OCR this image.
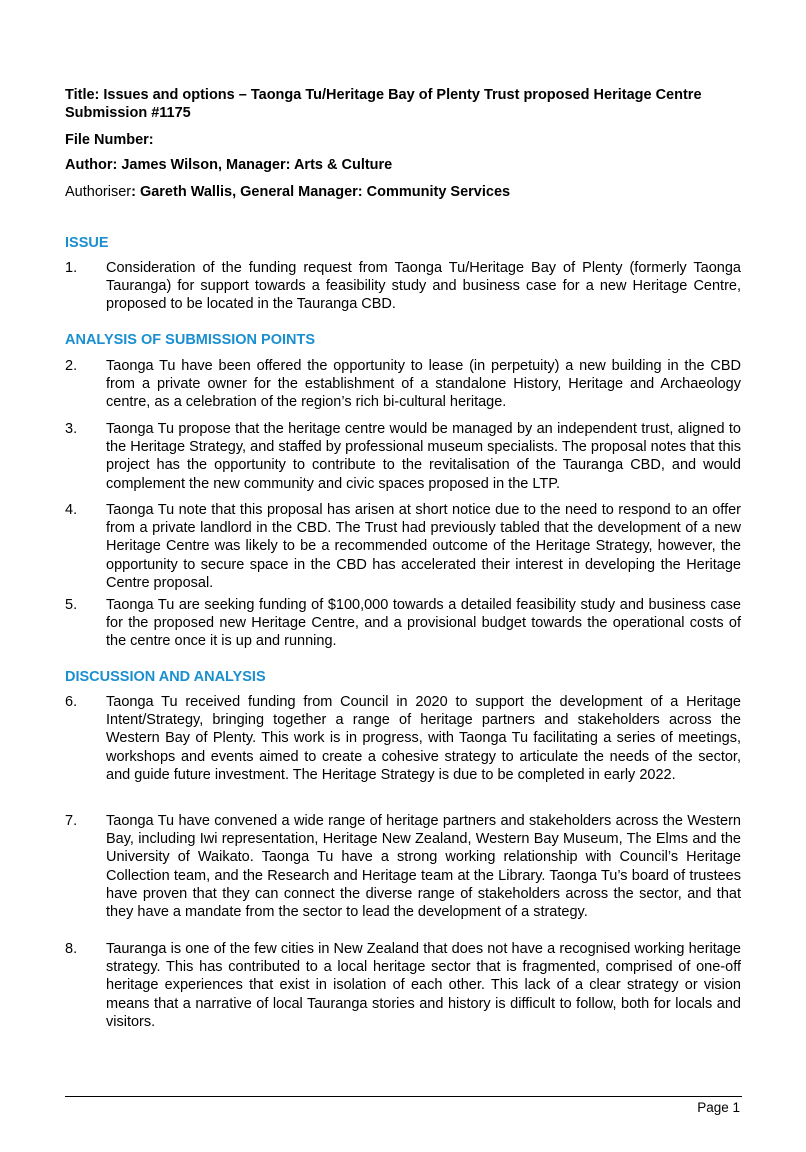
Title: Issues and options – Taonga Tu/Heritage Bay of Plenty Trust proposed Heritage Centre Submission #1175
File Number:
Author: James Wilson, Manager: Arts & Culture
Authoriser: Gareth Wallis, General Manager: Community Services
ISSUE
1.	Consideration of the funding request from Taonga Tu/Heritage Bay of Plenty (formerly Taonga Tauranga) for support towards a feasibility study and business case for a new Heritage Centre, proposed to be located in the Tauranga CBD.
ANALYSIS OF SUBMISSION POINTS
2.	Taonga Tu have been offered the opportunity to lease (in perpetuity) a new building in the CBD from a private owner for the establishment of a standalone History, Heritage and Archaeology centre, as a celebration of the region’s rich bi-cultural heritage.
3.	Taonga Tu propose that the heritage centre would be managed by an independent trust, aligned to the Heritage Strategy, and staffed by professional museum specialists. The proposal notes that this project has the opportunity to contribute to the revitalisation of the Tauranga CBD, and would complement the new community and civic spaces proposed in the LTP.
4.	Taonga Tu note that this proposal has arisen at short notice due to the need to respond to an offer from a private landlord in the CBD. The Trust had previously tabled that the development of a new Heritage Centre was likely to be a recommended outcome of the Heritage Strategy, however, the opportunity to secure space in the CBD has accelerated their interest in developing the Heritage Centre proposal.
5.	Taonga Tu are seeking funding of $100,000 towards a detailed feasibility study and business case for the proposed new Heritage Centre, and a provisional budget towards the operational costs of the centre once it is up and running.
DISCUSSION AND ANALYSIS
6.	Taonga Tu received funding from Council in 2020 to support the development of a Heritage Intent/Strategy, bringing together a range of heritage partners and stakeholders across the Western Bay of Plenty. This work is in progress, with Taonga Tu facilitating a series of meetings, workshops and events aimed to create a cohesive strategy to articulate the needs of the sector, and guide future investment. The Heritage Strategy is due to be completed in early 2022.
7.	Taonga Tu have convened a wide range of heritage partners and stakeholders across the Western Bay, including Iwi representation, Heritage New Zealand, Western Bay Museum, The Elms and the University of Waikato. Taonga Tu have a strong working relationship with Council’s Heritage Collection team, and the Research and Heritage team at the Library. Taonga Tu’s board of trustees have proven that they can connect the diverse range of stakeholders across the sector, and that they have a mandate from the sector to lead the development of a strategy.
8.	Tauranga is one of the few cities in New Zealand that does not have a recognised working heritage strategy. This has contributed to a local heritage sector that is fragmented, comprised of one-off heritage experiences that exist in isolation of each other. This lack of a clear strategy or vision means that a narrative of local Tauranga stories and history is difficult to follow, both for locals and visitors.
Page 1
